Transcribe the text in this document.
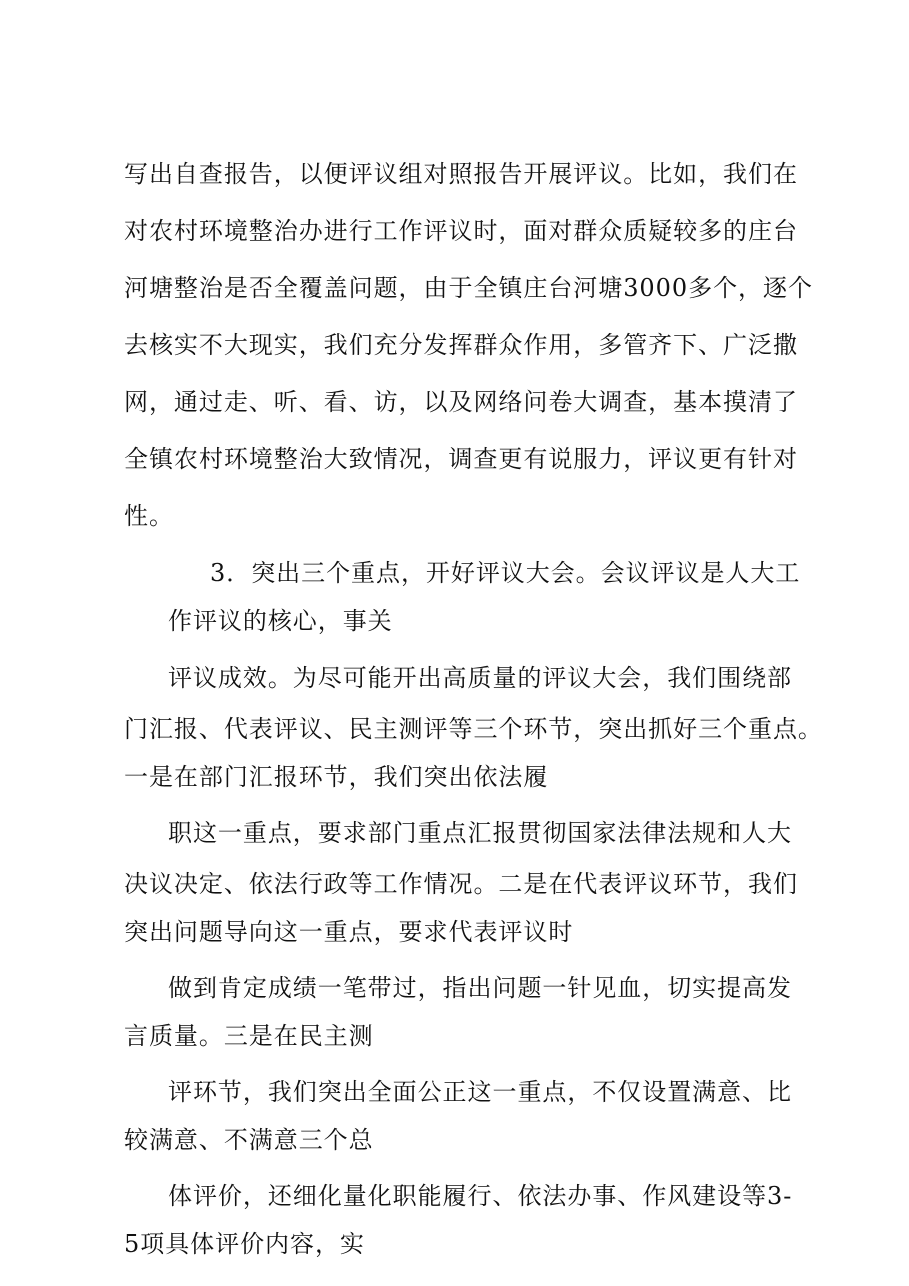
写出自查报告，以便评议组对照报告开展评议。比如，我们在
对农村环境整治办进行工作评议时，面对群众质疑较多的庄台
河塘整治是否全覆盖问题，由于全镇庄台河塘3000多个，逐个
去核实不大现实，我们充分发挥群众作用，多管齐下、广泛撒
网，通过走、听、看、访，以及网络问卷大调查，基本摸清了
全镇农村环境整治大致情况，调查更有说服力，评议更有针对
性。
3．突出三个重点，开好评议大会。会议评议是人大工
作评议的核心，事关
评议成效。为尽可能开出高质量的评议大会，我们围绕部
门汇报、代表评议、民主测评等三个环节，突出抓好三个重点。
一是在部门汇报环节，我们突出依法履
职这一重点，要求部门重点汇报贯彻国家法律法规和人大
决议决定、依法行政等工作情况。二是在代表评议环节，我们
突出问题导向这一重点，要求代表评议时
做到肯定成绩一笔带过，指出问题一针见血，切实提高发
言质量。三是在民主测
评环节，我们突出全面公正这一重点，不仅设置满意、比
较满意、不满意三个总
体评价，还细化量化职能履行、依法办事、作风建设等3-
5项具体评价内容，实
